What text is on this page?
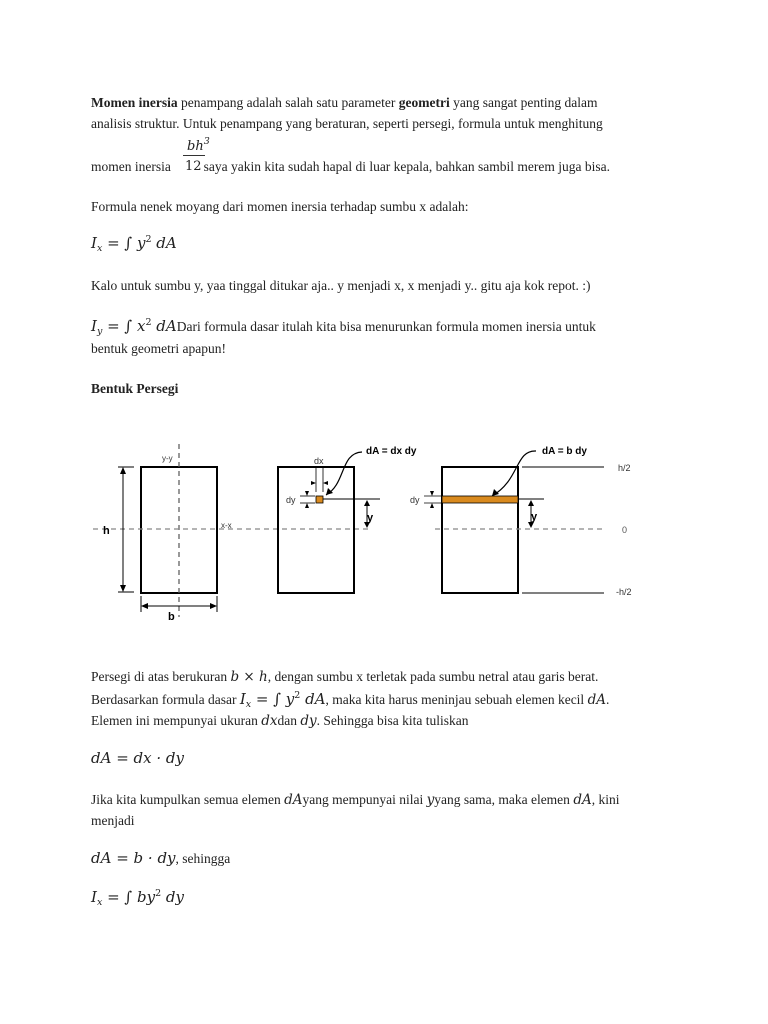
Momen inersia penampang adalah salah satu parameter geometri yang sangat penting dalam
analisis struktur. Untuk penampang yang beraturan, seperti persegi, formula untuk menghitung
$bh^3$
12
momen inersia  saya yakin kita sudah hapal di luar kepala, bahkan sambil merem juga bisa.
Formula nenek moyang dari momen inersia terhadap sumbu x adalah:
$I_x$ = ∫ $y^2$ dA
Kalo untuk sumbu y, yaa tinggal ditukar aja.. y menjadi x, x menjadi y.. gitu aja kok repot. :)
$I_y$ = ∫ $x^2$ dADari formula dasar itulah kita bisa menurunkan formula momen inersia untuk
bentuk geometri apapun!
Bentuk Persegi
y-y
x-x
h
b
dx
dy	dy
y	y
dA = dx dy	dA = b dy
h/2
0
-h/2
Persegi di atas berukuran b × h, dengan sumbu x terletak pada sumbu netral atau garis berat.
Berdasarkan formula dasar $I_x$ = ∫ $y^2$ dA, maka kita harus meninjau sebuah elemen kecil dA.
Elemen ini mempunyai ukuran dxdan dy. Sehingga bisa kita tuliskan
dA = dx · dy
Jika kita kumpulkan semua elemen dAyang mempunyai nilai yyang sama, maka elemen dA, kini
menjadi
dA = b · dy, sehingga
$I_x$ = ∫ $by^2$ dy
